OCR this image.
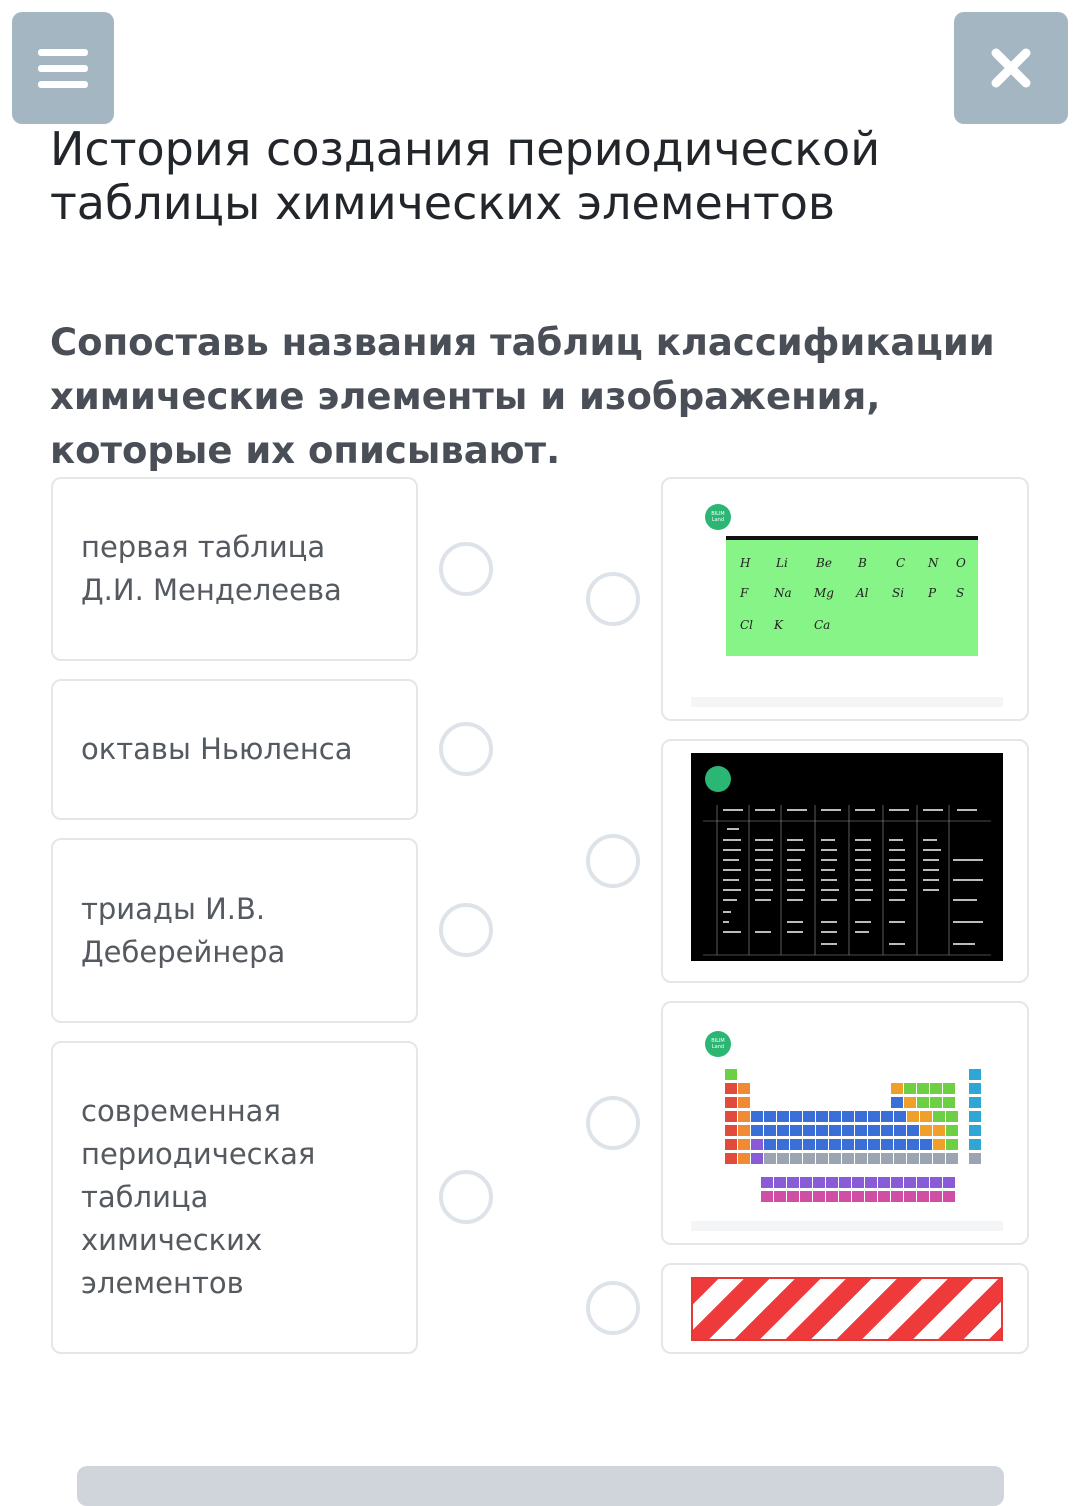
История создания периодической таблицы химических элементов

Сопоставь названия таблиц классификации химические элементы и изображения, которые их описывают.

первая таблица Д.И. Менделеева
октавы Ньюленса
триады И.В. Деберейнера
современная периодическая таблица химических элементов
BILIM
Land
H Li Be B C N O
F Na Mg Al Si P S
Cl K	Ca
BILIM
Land
